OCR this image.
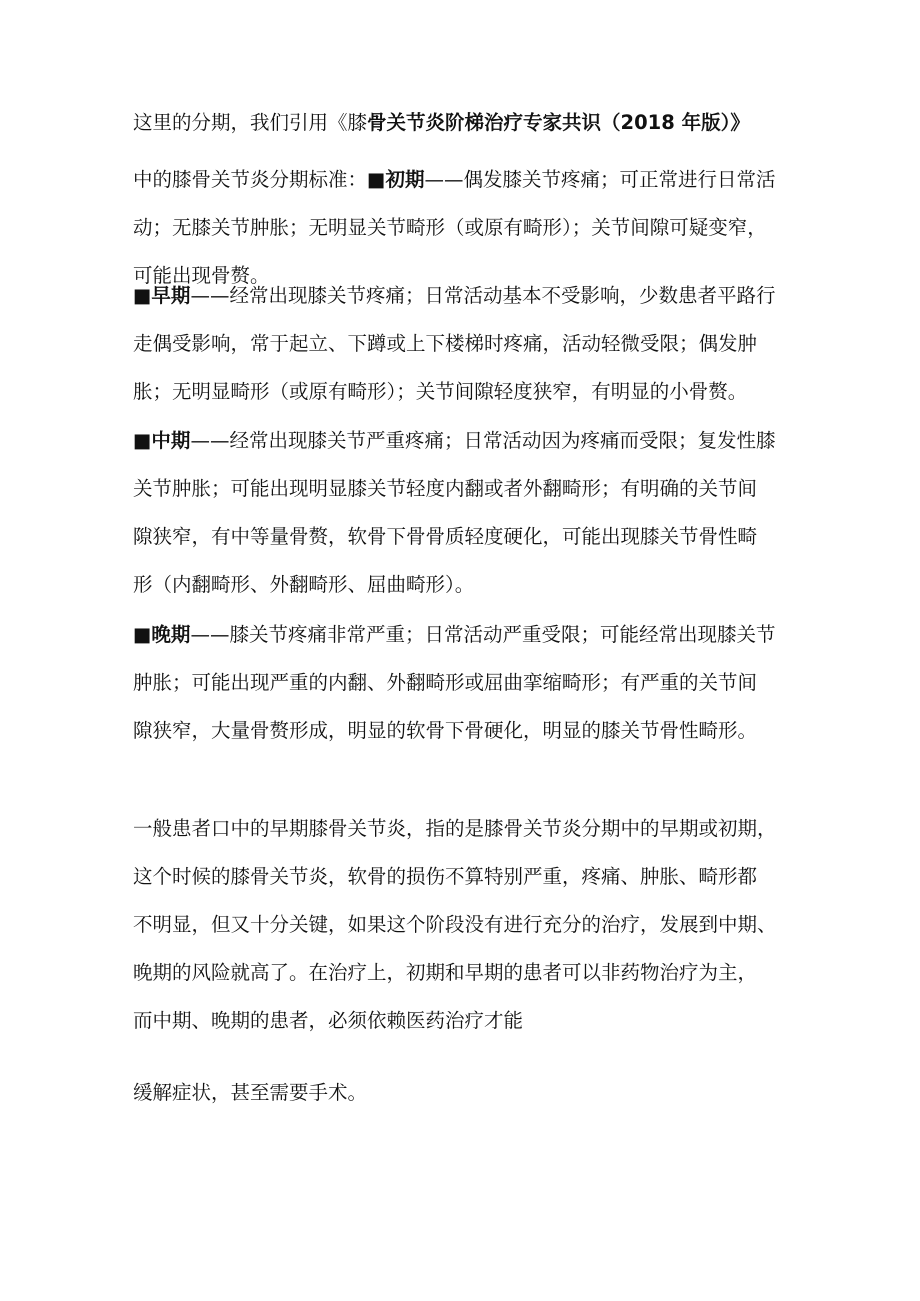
这里的分期，我们引用《膝骨关节炎阶梯治疗专家共识（2018 年版）》

中的膝骨关节炎分期标准：■初期——偶发膝关节疼痛；可正常进行日常活
动；无膝关节肿胀；无明显关节畸形（或原有畸形）；关节间隙可疑变窄，
可能出现骨赘。

■早期——经常出现膝关节疼痛；日常活动基本不受影响，少数患者平路行
走偶受影响，常于起立、下蹲或上下楼梯时疼痛，活动轻微受限；偶发肿
胀；无明显畸形（或原有畸形）；关节间隙轻度狭窄，有明显的小骨赘。

■中期——经常出现膝关节严重疼痛；日常活动因为疼痛而受限；复发性膝
关节肿胀；可能出现明显膝关节轻度内翻或者外翻畸形；有明确的关节间
隙狭窄，有中等量骨赘，软骨下骨骨质轻度硬化，可能出现膝关节骨性畸
形（内翻畸形、外翻畸形、屈曲畸形）。

■晚期——膝关节疼痛非常严重；日常活动严重受限；可能经常出现膝关节
肿胀；可能出现严重的内翻、外翻畸形或屈曲挛缩畸形；有严重的关节间
隙狭窄，大量骨赘形成，明显的软骨下骨硬化，明显的膝关节骨性畸形。

一般患者口中的早期膝骨关节炎，指的是膝骨关节炎分期中的早期或初期，
这个时候的膝骨关节炎，软骨的损伤不算特别严重，疼痛、肿胀、畸形都
不明显，但又十分关键，如果这个阶段没有进行充分的治疗，发展到中期、
晚期的风险就高了。在治疗上，初期和早期的患者可以非药物治疗为主，
而中期、晚期的患者，必须依赖医药治疗才能

缓解症状，甚至需要手术。
